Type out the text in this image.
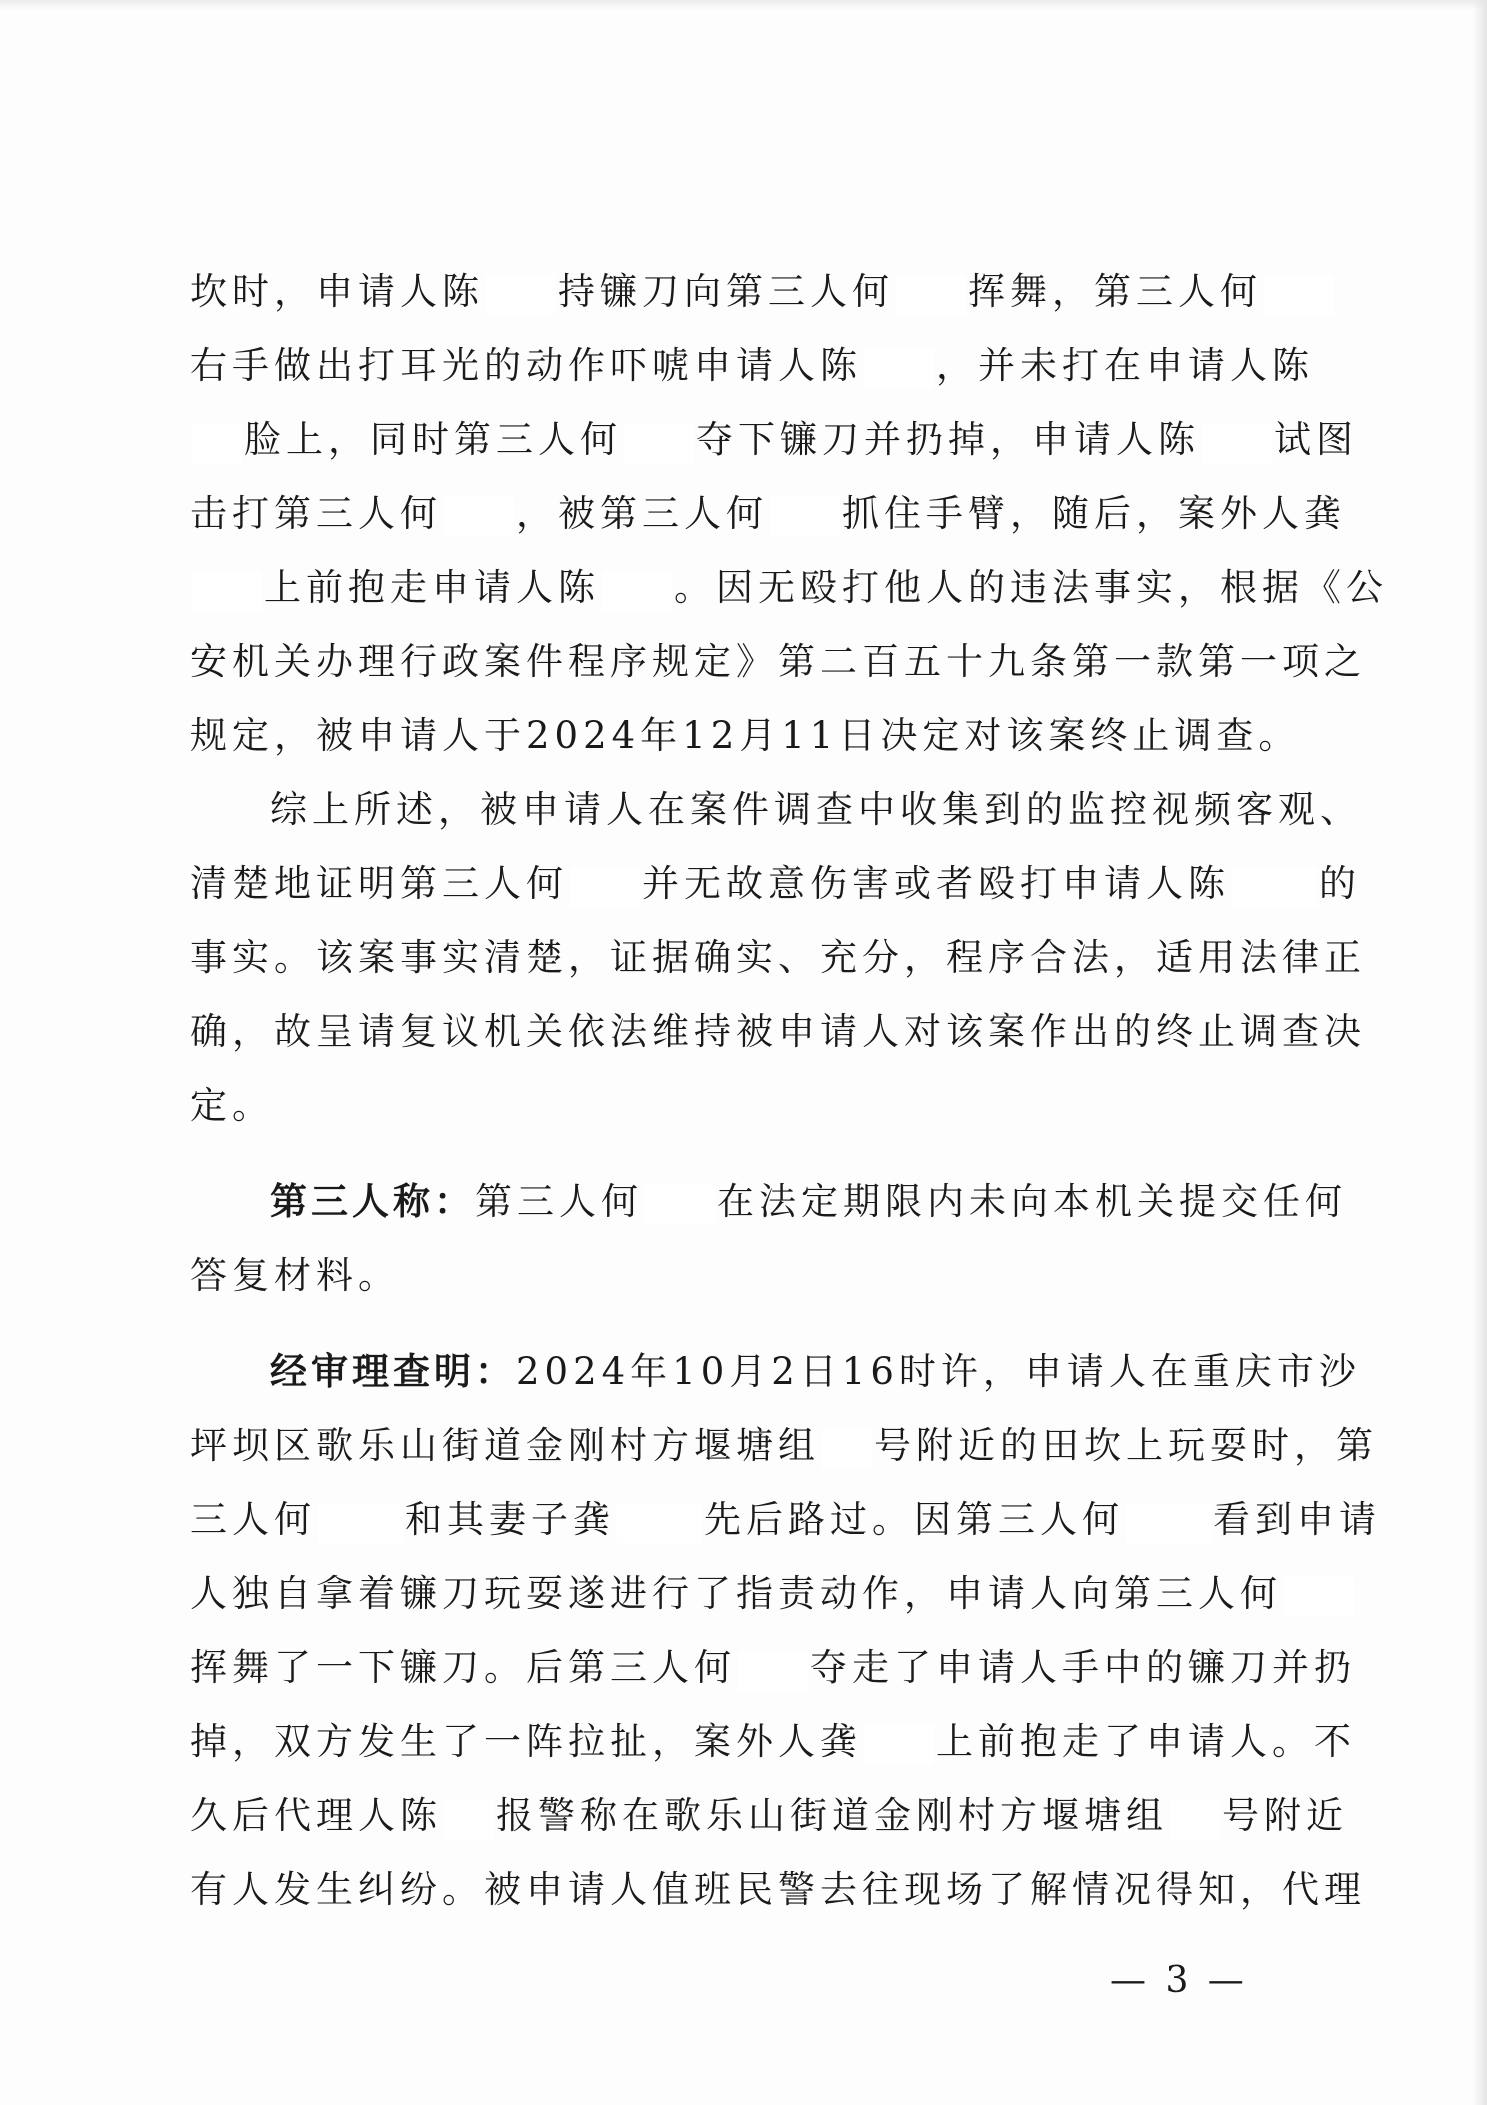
坎时，申请人陈 持镰刀向第三人何 挥舞，第三人何
右手做出打耳光的动作吓唬申请人陈 ，并未打在申请人陈
脸上，同时第三人何 夺下镰刀并扔掉，申请人陈 试图
击打第三人何 ，被第三人何 抓住手臂，随后，案外人龚
上前抱走申请人陈 。因无殴打他人的违法事实，根据《公
安机关办理行政案件程序规定》第二百五十九条第一款第一项之
规定，被申请人于2024年12月11日决定对该案终止调查。
综上所述，被申请人在案件调查中收集到的监控视频客观、
清楚地证明第三人何 并无故意伤害或者殴打申请人陈 的
事实。该案事实清楚，证据确实、充分，程序合法，适用法律正
确，故呈请复议机关依法维持被申请人对该案作出的终止调查决
定。
第三人称：第三人何 在法定期限内未向本机关提交任何
答复材料。
经审理查明：2024年10月2日16时许，申请人在重庆市沙
坪坝区歌乐山街道金刚村方堰塘组 号附近的田坎上玩耍时，第
三人何 和其妻子龚 先后路过。因第三人何 看到申请
人独自拿着镰刀玩耍遂进行了指责动作，申请人向第三人何
挥舞了一下镰刀。后第三人何 夺走了申请人手中的镰刀并扔
掉，双方发生了一阵拉扯，案外人龚 上前抱走了申请人。不
久后代理人陈 报警称在歌乐山街道金刚村方堰塘组 号附近
有人发生纠纷。被申请人值班民警去往现场了解情况得知，代理
— 3 —
